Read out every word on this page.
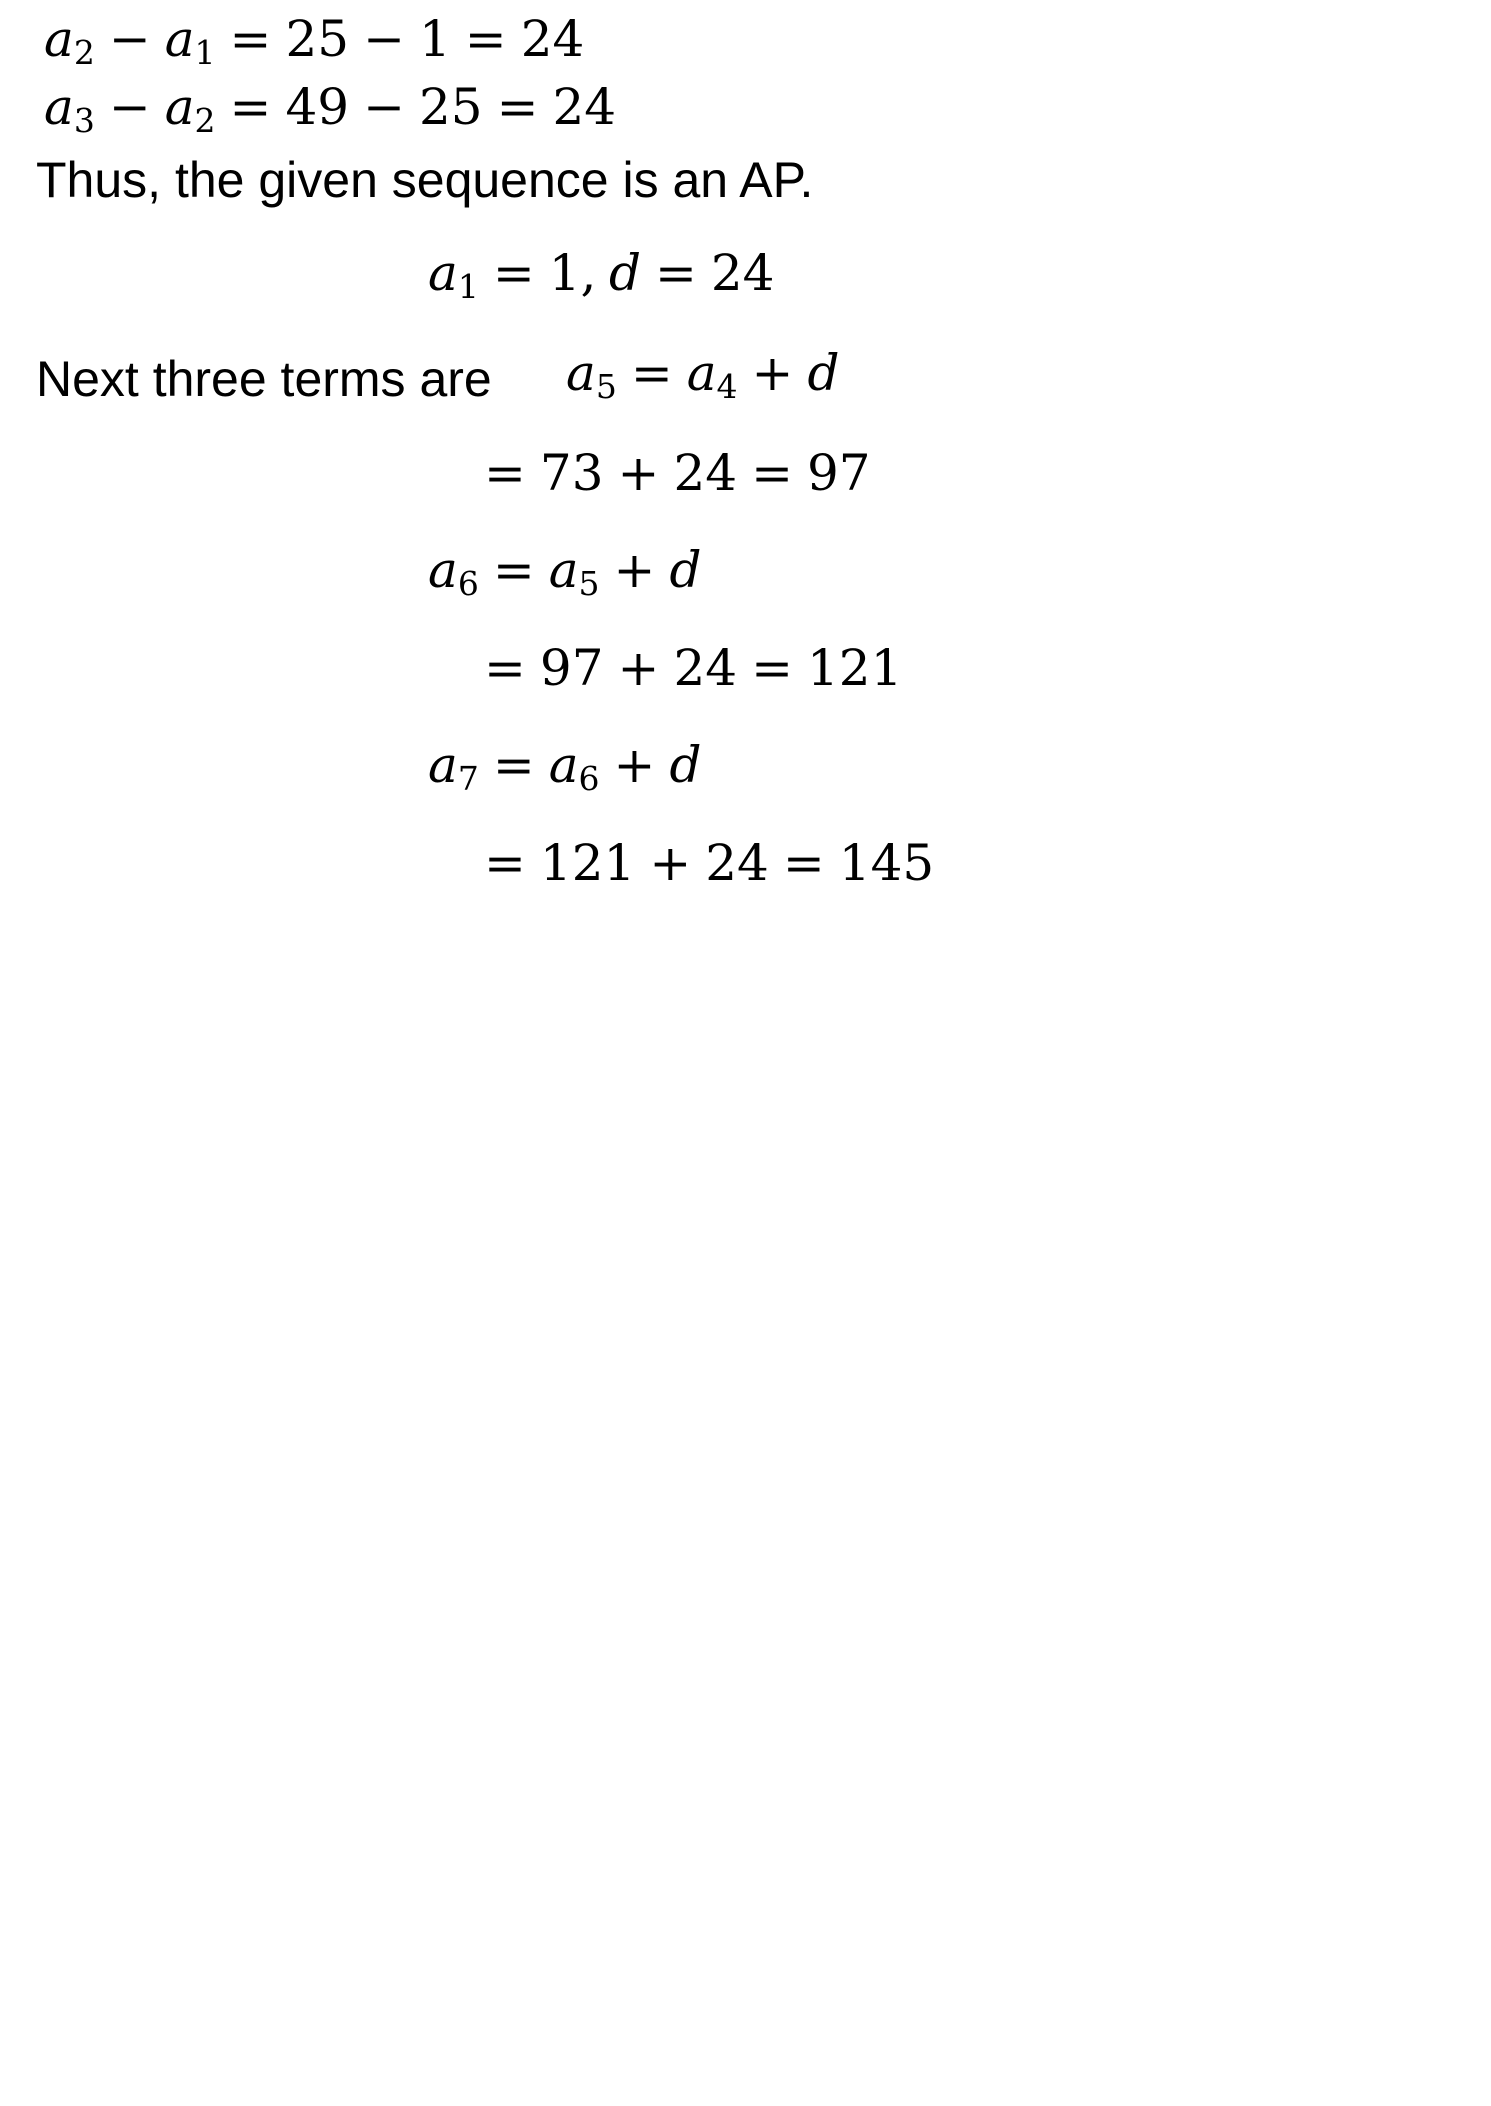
$a_2 - a_1 = 25 - 1 = 24$
$a_3 - a_2 = 49 - 25 = 24$
Thus, the given sequence is an AP.
$a_1 = 1$, d = 24
Next three terms are $a_5 = a_4 + d$
= 73 + 24 = 97
$a_6 = a_5 + d$
= 97 + 24 = 121
$a_7 = a_6 + d$
= 121 + 24 = 145
